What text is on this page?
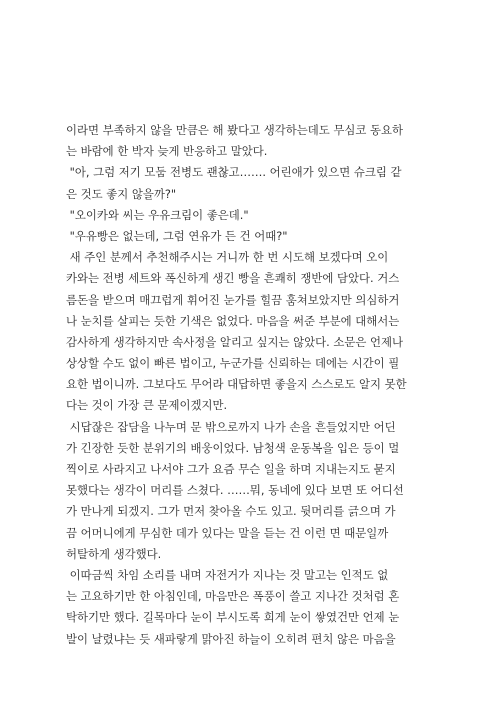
이라면 부족하지 않을 만큼은 해 봤다고 생각하는데도 무심코 동요하
는 바람에 한 박자 늦게 반응하고 말았다.
"아, 그럼 저기 모둠 전병도 괜찮고……. 어린애가 있으면 슈크림 같
은 것도 좋지 않을까?"
"오이카와 씨는 우유크림이 좋은데."
"우유빵은 없는데, 그럼 연유가 든 건 어때?"
새 주인 분께서 추천해주시는 거니까 한 번 시도해 보겠다며 오이
카와는 전병 세트와 폭신하게 생긴 빵을 흔쾌히 쟁반에 담았다. 거스
름돈을 받으며 매끄럽게 휘어진 눈가를 힐끔 훔쳐보았지만 의심하거
나 눈치를 살피는 듯한 기색은 없었다. 마음을 써준 부분에 대해서는
감사하게 생각하지만 속사정을 알리고 싶지는 않았다. 소문은 언제나
상상할 수도 없이 빠른 법이고, 누군가를 신뢰하는 데에는 시간이 필
요한 법이니까. 그보다도 무어라 대답하면 좋을지 스스로도 알지 못한
다는 것이 가장 큰 문제이겠지만.
시답잖은 잡담을 나누며 문 밖으로까지 나가 손을 흔들었지만 어딘
가 긴장한 듯한 분위기의 배웅이었다. 남청색 운동복을 입은 등이 멀
찍이로 사라지고 나서야 그가 요즘 무슨 일을 하며 지내는지도 묻지
못했다는 생각이 머리를 스쳤다. ……뭐, 동네에 있다 보면 또 어디선
가 만나게 되겠지. 그가 먼저 찾아올 수도 있고. 뒷머리를 긁으며 가
끔 어머니에게 무심한 데가 있다는 말을 듣는 건 이런 면 때문일까
허탈하게 생각했다.
이따금씩 차임 소리를 내며 자전거가 지나는 것 말고는 인적도 없
는 고요하기만 한 아침인데, 마음만은 폭풍이 쓸고 지나간 것처럼 혼
탁하기만 했다. 길목마다 눈이 부시도록 희게 눈이 쌓였건만 언제 눈
발이 날렸냐는 듯 새파랗게 맑아진 하늘이 오히려 편치 않은 마음을
